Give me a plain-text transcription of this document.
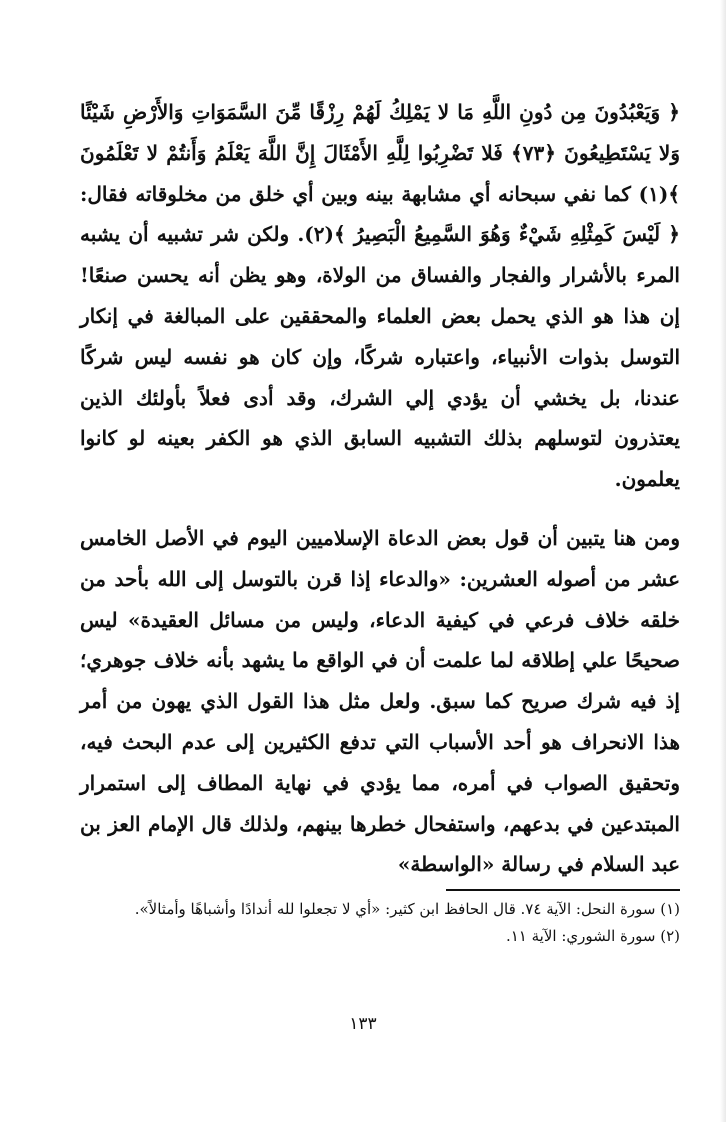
﴿ وَيَعْبُدُونَ مِن دُونِ اللَّهِ مَا لا يَمْلِكُ لَهُمْ رِزْقًا مِّنَ السَّمَوَاتِ وَالأَرْضِ شَيْئًا وَلا يَسْتَطِيعُونَ ﴿٧٣﴾ فَلا تَضْرِبُوا لِلَّهِ الأَمْثَالَ إِنَّ اللَّهَ يَعْلَمُ وَأَنتُمْ لا تَعْلَمُونَ ﴾(١) كما نفي سبحانه أي مشابهة بينه وبين أي خلق من مخلوقاته فقال: ﴿ لَيْسَ كَمِثْلِهِ شَيْءٌ وَهُوَ السَّمِيعُ الْبَصِيرُ ﴾(٢). ولكن شر تشبيه أن يشبه المرء بالأشرار والفجار والفساق من الولاة، وهو يظن أنه يحسن صنعًا! إن هذا هو الذي يحمل بعض العلماء والمحققين على المبالغة في إنكار التوسل بذوات الأنبياء، واعتباره شركًا، وإن كان هو نفسه ليس شركًا عندنا، بل يخشي أن يؤدي إلي الشرك، وقد أدى فعلاً بأولئك الذين يعتذرون لتوسلهم بذلك التشبيه السابق الذي هو الكفر بعينه لو كانوا يعلمون.

ومن هنا يتبين أن قول بعض الدعاة الإسلاميين اليوم في الأصل الخامس عشر من أصوله العشرين: «والدعاء إذا قرن بالتوسل إلى الله بأحد من خلقه خلاف فرعي في كيفية الدعاء، وليس من مسائل العقيدة» ليس صحيحًا علي إطلاقه لما علمت أن في الواقع ما يشهد بأنه خلاف جوهري؛ إذ فيه شرك صريح كما سبق. ولعل مثل هذا القول الذي يهون من أمر هذا الانحراف هو أحد الأسباب التي تدفع الكثيرين إلى عدم البحث فيه، وتحقيق الصواب في أمره، مما يؤدي في نهاية المطاف إلى استمرار المبتدعين في بدعهم، واستفحال خطرها بينهم، ولذلك قال الإمام العز بن عبد السلام في رسالة «الواسطة»

(١) سورة النحل: الآية ٧٤. قال الحافظ ابن كثير: «أي لا تجعلوا لله أندادًا وأشباهًا وأمثالاً».

(٢) سورة الشوري: الآية ١١.

١٣٣
